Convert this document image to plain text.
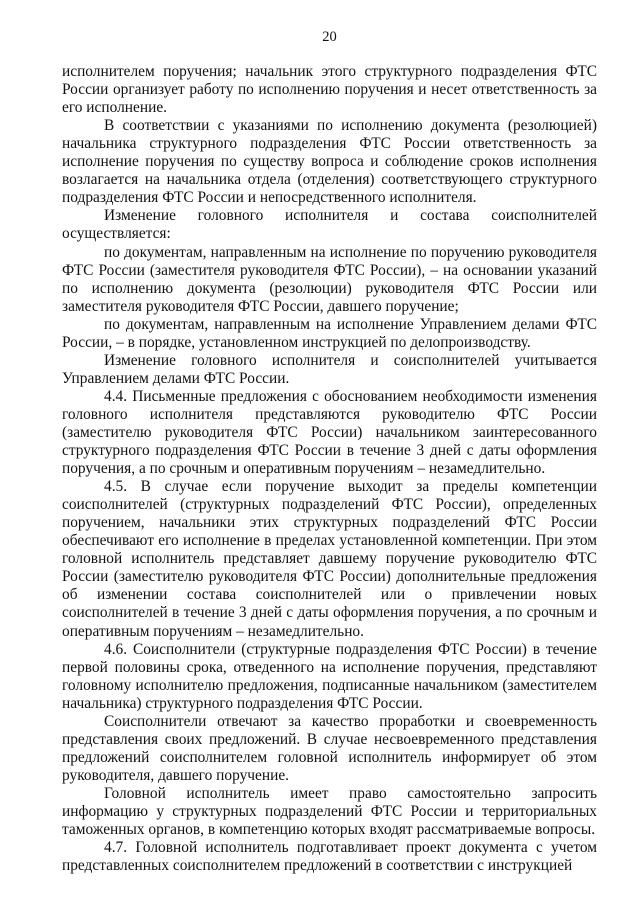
20

исполнителем поручения; начальник этого структурного подразделения ФТС России организует работу по исполнению поручения и несет ответственность за его исполнение.

В соответствии с указаниями по исполнению документа (резолюцией) начальника структурного подразделения ФТС России ответственность за исполнение поручения по существу вопроса и соблюдение сроков исполнения возлагается на начальника отдела (отделения) соответствующего структурного подразделения ФТС России и непосредственного исполнителя.

Изменение головного исполнителя и состава соисполнителей осуществляется:

по документам, направленным на исполнение по поручению руководителя ФТС России (заместителя руководителя ФТС России), – на основании указаний по исполнению документа (резолюции) руководителя ФТС России или заместителя руководителя ФТС России, давшего поручение;

по документам, направленным на исполнение Управлением делами ФТС России, – в порядке, установленном инструкцией по делопроизводству.

Изменение головного исполнителя и соисполнителей учитывается Управлением делами ФТС России.

4.4. Письменные предложения с обоснованием необходимости изменения головного исполнителя представляются руководителю ФТС России (заместителю руководителя ФТС России) начальником заинтересованного структурного подразделения ФТС России в течение 3 дней с даты оформления поручения, а по срочным и оперативным поручениям – незамедлительно.

4.5. В случае если поручение выходит за пределы компетенции соисполнителей (структурных подразделений ФТС России), определенных поручением, начальники этих структурных подразделений ФТС России обеспечивают его исполнение в пределах установленной компетенции. При этом головной исполнитель представляет давшему поручение руководителю ФТС России (заместителю руководителя ФТС России) дополнительные предложения об изменении состава соисполнителей или о привлечении новых соисполнителей в течение 3 дней с даты оформления поручения, а по срочным и оперативным поручениям – незамедлительно.

4.6. Соисполнители (структурные подразделения ФТС России) в течение первой половины срока, отведенного на исполнение поручения, представляют головному исполнителю предложения, подписанные начальником (заместителем начальника) структурного подразделения ФТС России.

Соисполнители отвечают за качество проработки и своевременность представления своих предложений. В случае несвоевременного представления предложений соисполнителем головной исполнитель информирует об этом руководителя, давшего поручение.

Головной исполнитель имеет право самостоятельно запросить информацию у структурных подразделений ФТС России и территориальных таможенных органов, в компетенцию которых входят рассматриваемые вопросы.

4.7. Головной исполнитель подготавливает проект документа с учетом представленных соисполнителем предложений в соответствии с инструкцией
